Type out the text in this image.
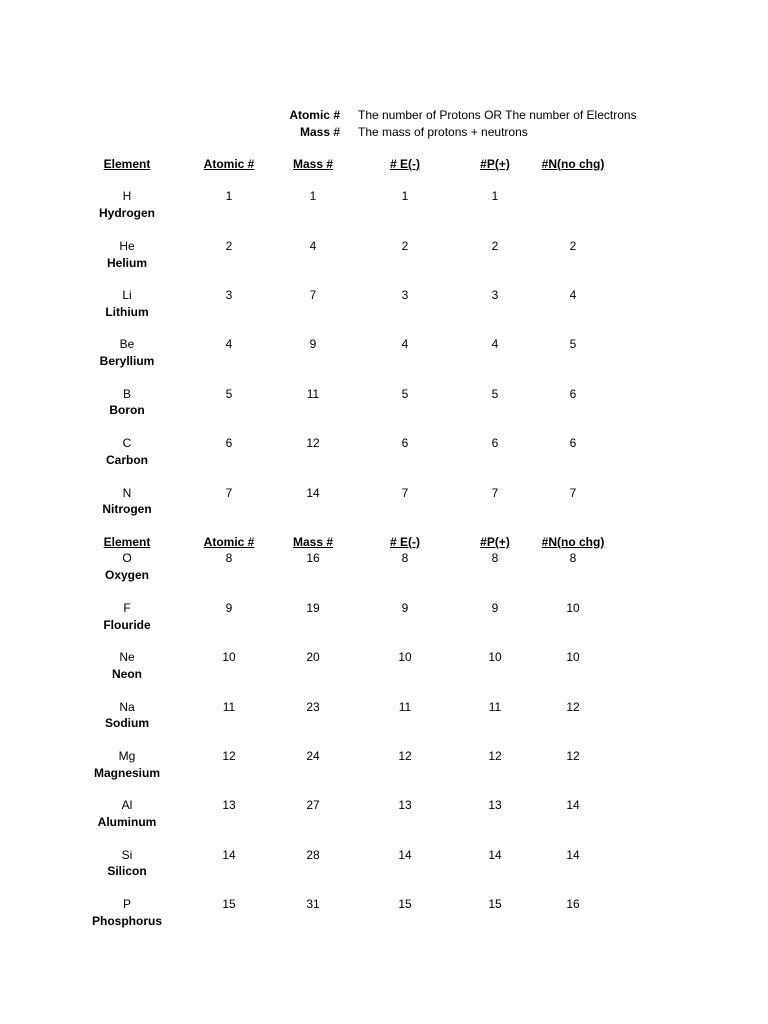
Atomic # The number of Protons OR The number of Electrons
Mass # The mass of protons + neutrons
Element	Atomic #	Mass #	# E(-)	#P(+)	#N(no chg)
Element	Atomic #	Mass #	# E(-)	#P(+)	#N(no chg)
H
Hydrogen
1	1	1	1
He
Helium
2	4	2	2	2
Li
Lithium
3	7	3	3	4
Be
Beryllium
4	9	4	4	5
B
Boron
5	11	5	5	6
C
Carbon
6	12	6	6	6
N
Nitrogen
7	14	7	7	7
O
Oxygen
8	16	8	8	8
F
Flouride
9	19	9	9	10
Ne
Neon
10	20	10	10	10
Na
Sodium
11	23	11	11	12
Mg
Magnesium
12	24	12	12	12
Al
Aluminum
13	27	13	13	14
Si
Silicon
14	28	14	14	14
P
Phosphorus
15	31	15	15	16
